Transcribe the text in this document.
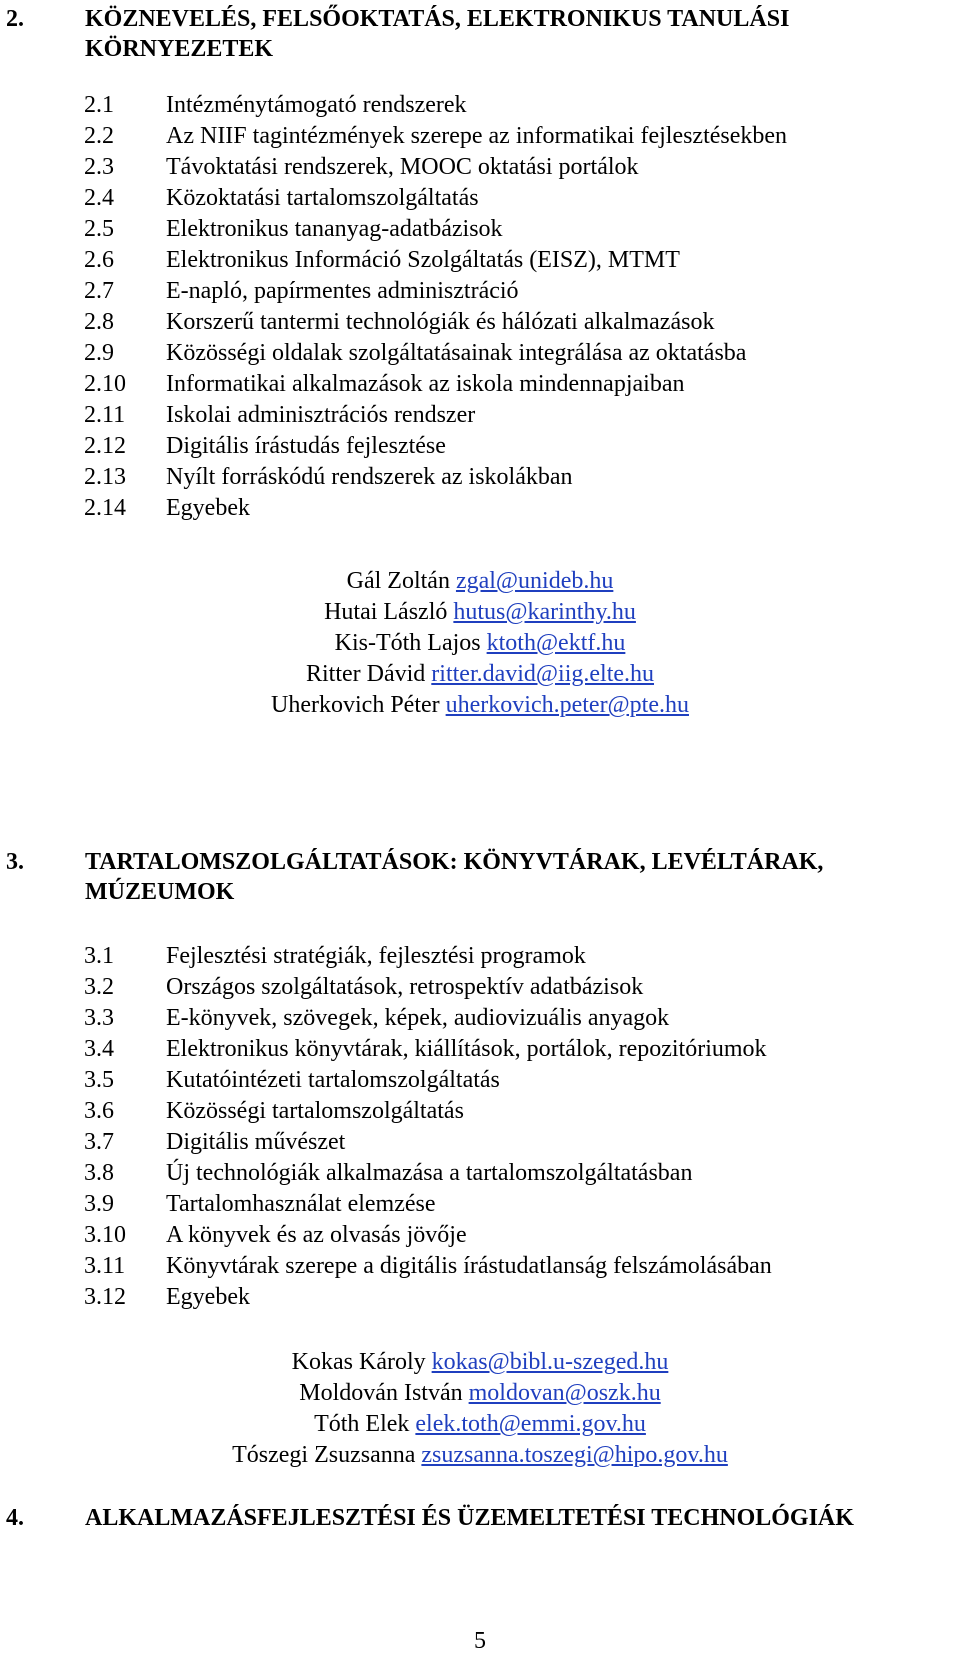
2.	KÖZNEVELÉS, FELSŐOKTATÁS, ELEKTRONIKUS TANULÁSI KÖRNYEZETEK
2.1 Intézménytámogató rendszerek
2.2 Az NIIF tagintézmények szerepe az informatikai fejlesztésekben
2.3 Távoktatási rendszerek, MOOC oktatási portálok
2.4 Közoktatási tartalomszolgáltatás
2.5 Elektronikus tananyag-adatbázisok
2.6 Elektronikus Információ Szolgáltatás (EISZ), MTMT
2.7 E-napló, papírmentes adminisztráció
2.8 Korszerű tantermi technológiák és hálózati alkalmazások
2.9 Közösségi oldalak szolgáltatásainak integrálása az oktatásba
2.10 Informatikai alkalmazások az iskola mindennapjaiban
2.11 Iskolai adminisztrációs rendszer
2.12 Digitális írástudás fejlesztése
2.13 Nyílt forráskódú rendszerek az iskolákban
2.14 Egyebek
Gál Zoltán zgal@unideb.hu
Hutai László hutus@karinthy.hu
Kis-Tóth Lajos ktoth@ektf.hu
Ritter Dávid ritter.david@iig.elte.hu
Uherkovich Péter uherkovich.peter@pte.hu
3.	TARTALOMSZOLGÁLTATÁSOK: KÖNYVTÁRAK, LEVÉLTÁRAK, MÚZEUMOK
3.1 Fejlesztési stratégiák, fejlesztési programok
3.2 Országos szolgáltatások, retrospektív adatbázisok
3.3 E-könyvek, szövegek, képek, audiovizuális anyagok
3.4 Elektronikus könyvtárak, kiállítások, portálok, repozitóriumok
3.5 Kutatóintézeti tartalomszolgáltatás
3.6 Közösségi tartalomszolgáltatás
3.7 Digitális művészet
3.8 Új technológiák alkalmazása a tartalomszolgáltatásban
3.9 Tartalomhasználat elemzése
3.10 A könyvek és az olvasás jövője
3.11 Könyvtárak szerepe a digitális írástudatlanság felszámolásában
3.12 Egyebek
Kokas Károly kokas@bibl.u-szeged.hu
Moldován István moldovan@oszk.hu
Tóth Elek elek.toth@emmi.gov.hu
Tószegi Zsuzsanna zsuzsanna.toszegi@hipo.gov.hu
4.	ALKALMAZÁSFEJLESZTÉSI ÉS ÜZEMELTETÉSI TECHNOLÓGIÁK
5
